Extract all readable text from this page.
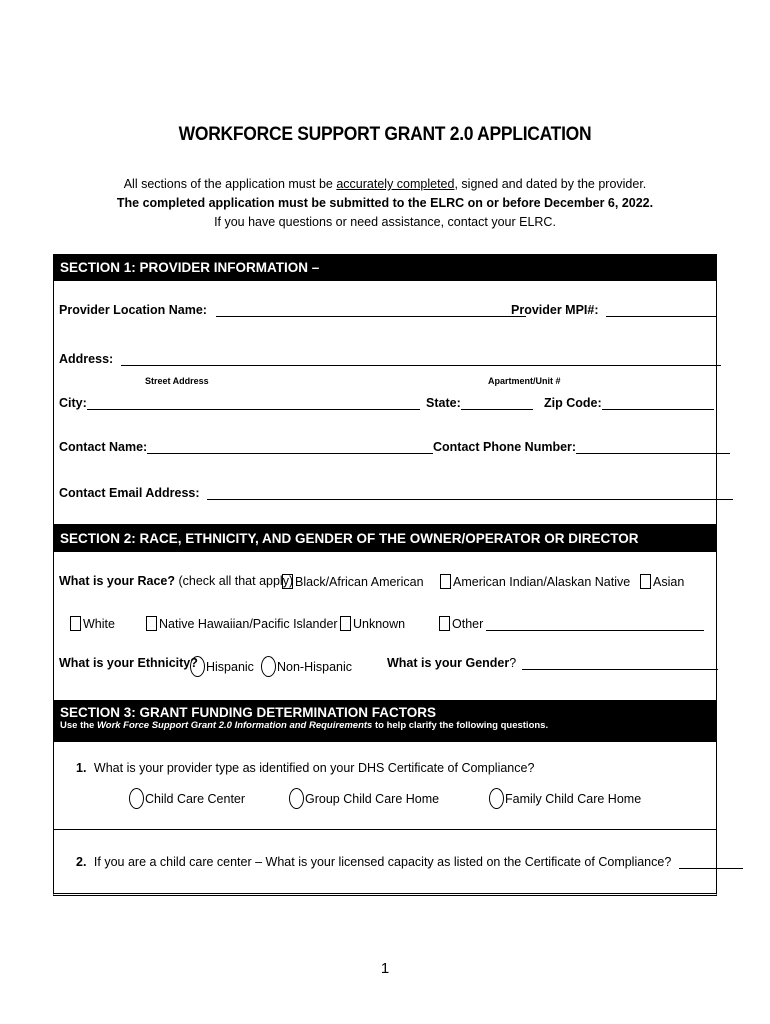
WORKFORCE SUPPORT GRANT 2.0 APPLICATION
All sections of the application must be accurately completed, signed and dated by the provider.
The completed application must be submitted to the ELRC on or before December 6, 2022.
If you have questions or need assistance, contact your ELRC.
SECTION 1: PROVIDER INFORMATION – PLEASE PRINT
Provider Location Name:	Provider MPI#:
Address:
Street Address	Apartment/Unit #
City:	State:	Zip Code:
Contact Name:	Contact Phone Number:
Contact Email Address:
SECTION 2: RACE, ETHNICITY, AND GENDER OF THE OWNER/OPERATOR OR DIRECTOR
What is your Race? (check all that apply) Black/African American	American Indian/Alaskan Native	Asian
White	Native Hawaiian/Pacific Islander	Unknown	Other
What is your Ethnicity? Hispanic	Non-Hispanic	What is your Gender?
SECTION 3: GRANT FUNDING DETERMINATION FACTORS
Use the Work Force Support Grant 2.0 Information and Requirements to help clarify the following questions.
1. What is your provider type as identified on your DHS Certificate of Compliance?
Child Care Center	Group Child Care Home	Family Child Care Home
2. If you are a child care center – What is your licensed capacity as listed on the Certificate of Compliance?
1
